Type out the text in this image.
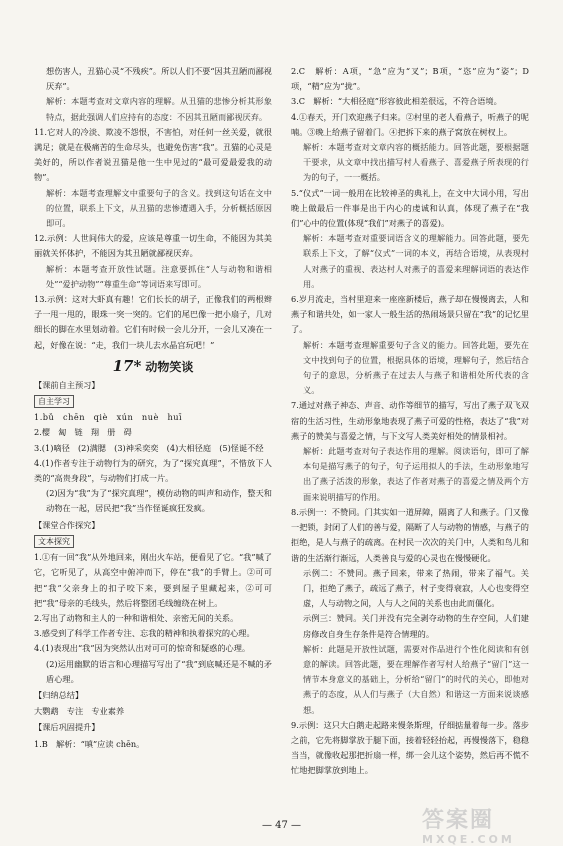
想伤害人，丑猫心灵“不残疾”。所以人们不要“因其丑陋而鄙视厌弃”。

解析：本题考查对文章内容的理解。从丑猫的悲惨分析其形象特点，据此强调人们应持有的态度：不因其丑陋而鄙视厌弃。

11.它对人的冷淡、欺凌不怨恨，不害怕，对任何一丝关爱，就很满足；就是在极痛苦的生命尽头，也避免伤害“我”。丑猫的心灵是美好的，所以作者说丑猫是他一生中见过的“最可爱最爱我的动物”。

解析：本题考查理解文中重要句子的含义。找到这句话在文中的位置，联系上下文，从丑猫的悲惨遭遇入手，分析概括原因即可。

12.示例：人世间伟大的爱，应该是尊重一切生命，不能因为其美丽就关怀体护，不能因为其丑陋就鄙视厌弃。

解析：本题考查开放性试题。注意要抓住“人与动物和谐相处”“爱护动物”“尊重生命”等词语来写即可。

13.示例：这对大虾真有趣！它们长长的胡子，正像我们的两根辫子一甩一甩的，眼珠一突一突的。它们的尾巴像一把小扇子，几对细长的脚在水里划动着。它们有时候一会儿分开，一会儿又凑在一起，好像在说：“走，我们一块儿去水晶宫玩吧！”

17* 动物笑谈
【课前自主预习】
自主学习

1.bǔ　chēn　qiè　xún　nuè　huī

2.樱　匐　链　翔　册　碍

3.(1)嘀径　(2)满腮　(3)神采奕奕　(4)大相径庭　(5)怪诞不经

4.(1)作者专注于动物行为的研究，为了“探究真理”，不惜放下人类的“高贵身段”，与动物们打成一片。

(2)因为“我”为了“探究真理”，模仿动物的叫声和动作，整天和动物在一起，居民把“我”当作怪诞疯狂发疯。

【课堂合作探究】
文本探究

1.①有一回“我”从外地回来，刚出火车站，便看见了它。“我”喊了它，它听见了，从高空中俯冲而下，停在“我”的手臂上。②可可把“我”父亲身上的扣子咬下来，要到屋子里藏起来，②可可把“我”母亲的毛线头，然后将整团毛线缠绕在树上。

2.写出了动物和主人的一种和谐相处、亲密无间的关系。

3.感受到了科学工作者专注、忘我的精神和执着探究的心理。

4.(1)表现出“我”因为突然认出对可可的惊奇和疑惑的心理。

(2)运用幽默的语言和心理描写写出了“我”到底喊还是不喊的矛盾心理。

【归纳总结】

大鹦鹉　专注　专业素养

【课后巩固提升】

1.B　解析：“嗔”应读 chēn。

2.C　解析：A项，“急”应为“叉”；B项，“恣”应为“姿”；D项，“精”应为“拢”。

3.C　解析：“大相径庭”形容彼此相差很远，不符合语境。

4.①春天，开门欢迎燕子归来。②村里的老人看燕子，听燕子的呢喃。③晚上给燕子留着门。④把拆下来的燕子窝放在树杈上。

解析：本题考查对文章内容的概括能力。回答此题，要根据题干要求，从文章中找出描写村人看燕子、喜爱燕子所表现的行为的句子，一一概括。

5.“仪式”一词一般用在比较神圣的典礼上，在文中大词小用，写出晚上做最后一件事是出于内心的虔诚和认真，体现了燕子在“我们”心中的位置(体现“我们”对燕子的喜爱)。

解析：本题考查对重要词语含义的理解能力。回答此题，要先联系上下文，了解“仪式”一词的本义，再结合语境，从表现村人对燕子的重视、表达村人对燕子的喜爱来理解词语的表达作用。

6.岁月流走，当村里迎来一座座新楼后，燕子却在慢慢离去，人和燕子和谐共处，如一家人一般生活的热闹场景只留在“我”的记忆里了。

解析：本题考查理解重要句子含义的能力。回答此题，要先在文中找到句子的位置，根据具体的语境，理解句子，然后结合句子的意思，分析燕子在过去人与燕子和谐相处所代表的含义。

7.通过对燕子神态、声音、动作等细节的描写，写出了燕子双飞双宿的生活习性，生动形象地表现了燕子可爱的性格，表达了“我”对燕子的赞美与喜爱之情，与下文写人类美好相处的情景相衬。

解析：此题考查对句子表达作用的理解。阅读语句，即可了解本句是描写燕子的句子，句子运用拟人的手法，生动形象地写出了燕子活泼的形象，表达了作者对燕子的喜爱之情及两个方面来说明描写的作用。

8.示例一：不赞同。门其实如一道屏障，隔离了人和燕子。门又像一把锁，封闭了人们的善与爱，隔断了人与动物的情感，与燕子的拒绝，是人与燕子的疏离。在村民一次次的关门中，人类和鸟儿和谐的生活渐行渐远，人类善良与爱的心灵也在慢慢硬化。

示例二：不赞同。燕子回来，带来了热闹，带来了福气。关门，拒绝了燕子，疏远了燕子，村子变得衰寂，人心也变得空虚，人与动物之间，人与人之间的关系也由此而僵化。

示例三：赞同。关门并没有完全剥夺动物的生存空间，人们建房修改自身生存条件是符合情理的。

解析：此题是开放性试题，需要对作品进行个性化阅读和有创意的解读。回答此题，要在理解作者写村人给燕子“留门”这一情节本身意义的基础上，分析给“留门”的时代的关心，即他对燕子的态度，从人们与燕子（大自然）和谐这一方面来说谈感想。

9.示例：这只大白鹅走起路来慢条斯理，仔细掂量着每一步。落步之前，它先将脚掌放于腿下面，接着轻轻抬起，再慢慢落下，稳稳当当，就像收起那把折扇一样，绑一会儿这个姿势，然后再不慌不忙地把脚掌放到地上。

— 47 —	答案圈
MXQE.COM
